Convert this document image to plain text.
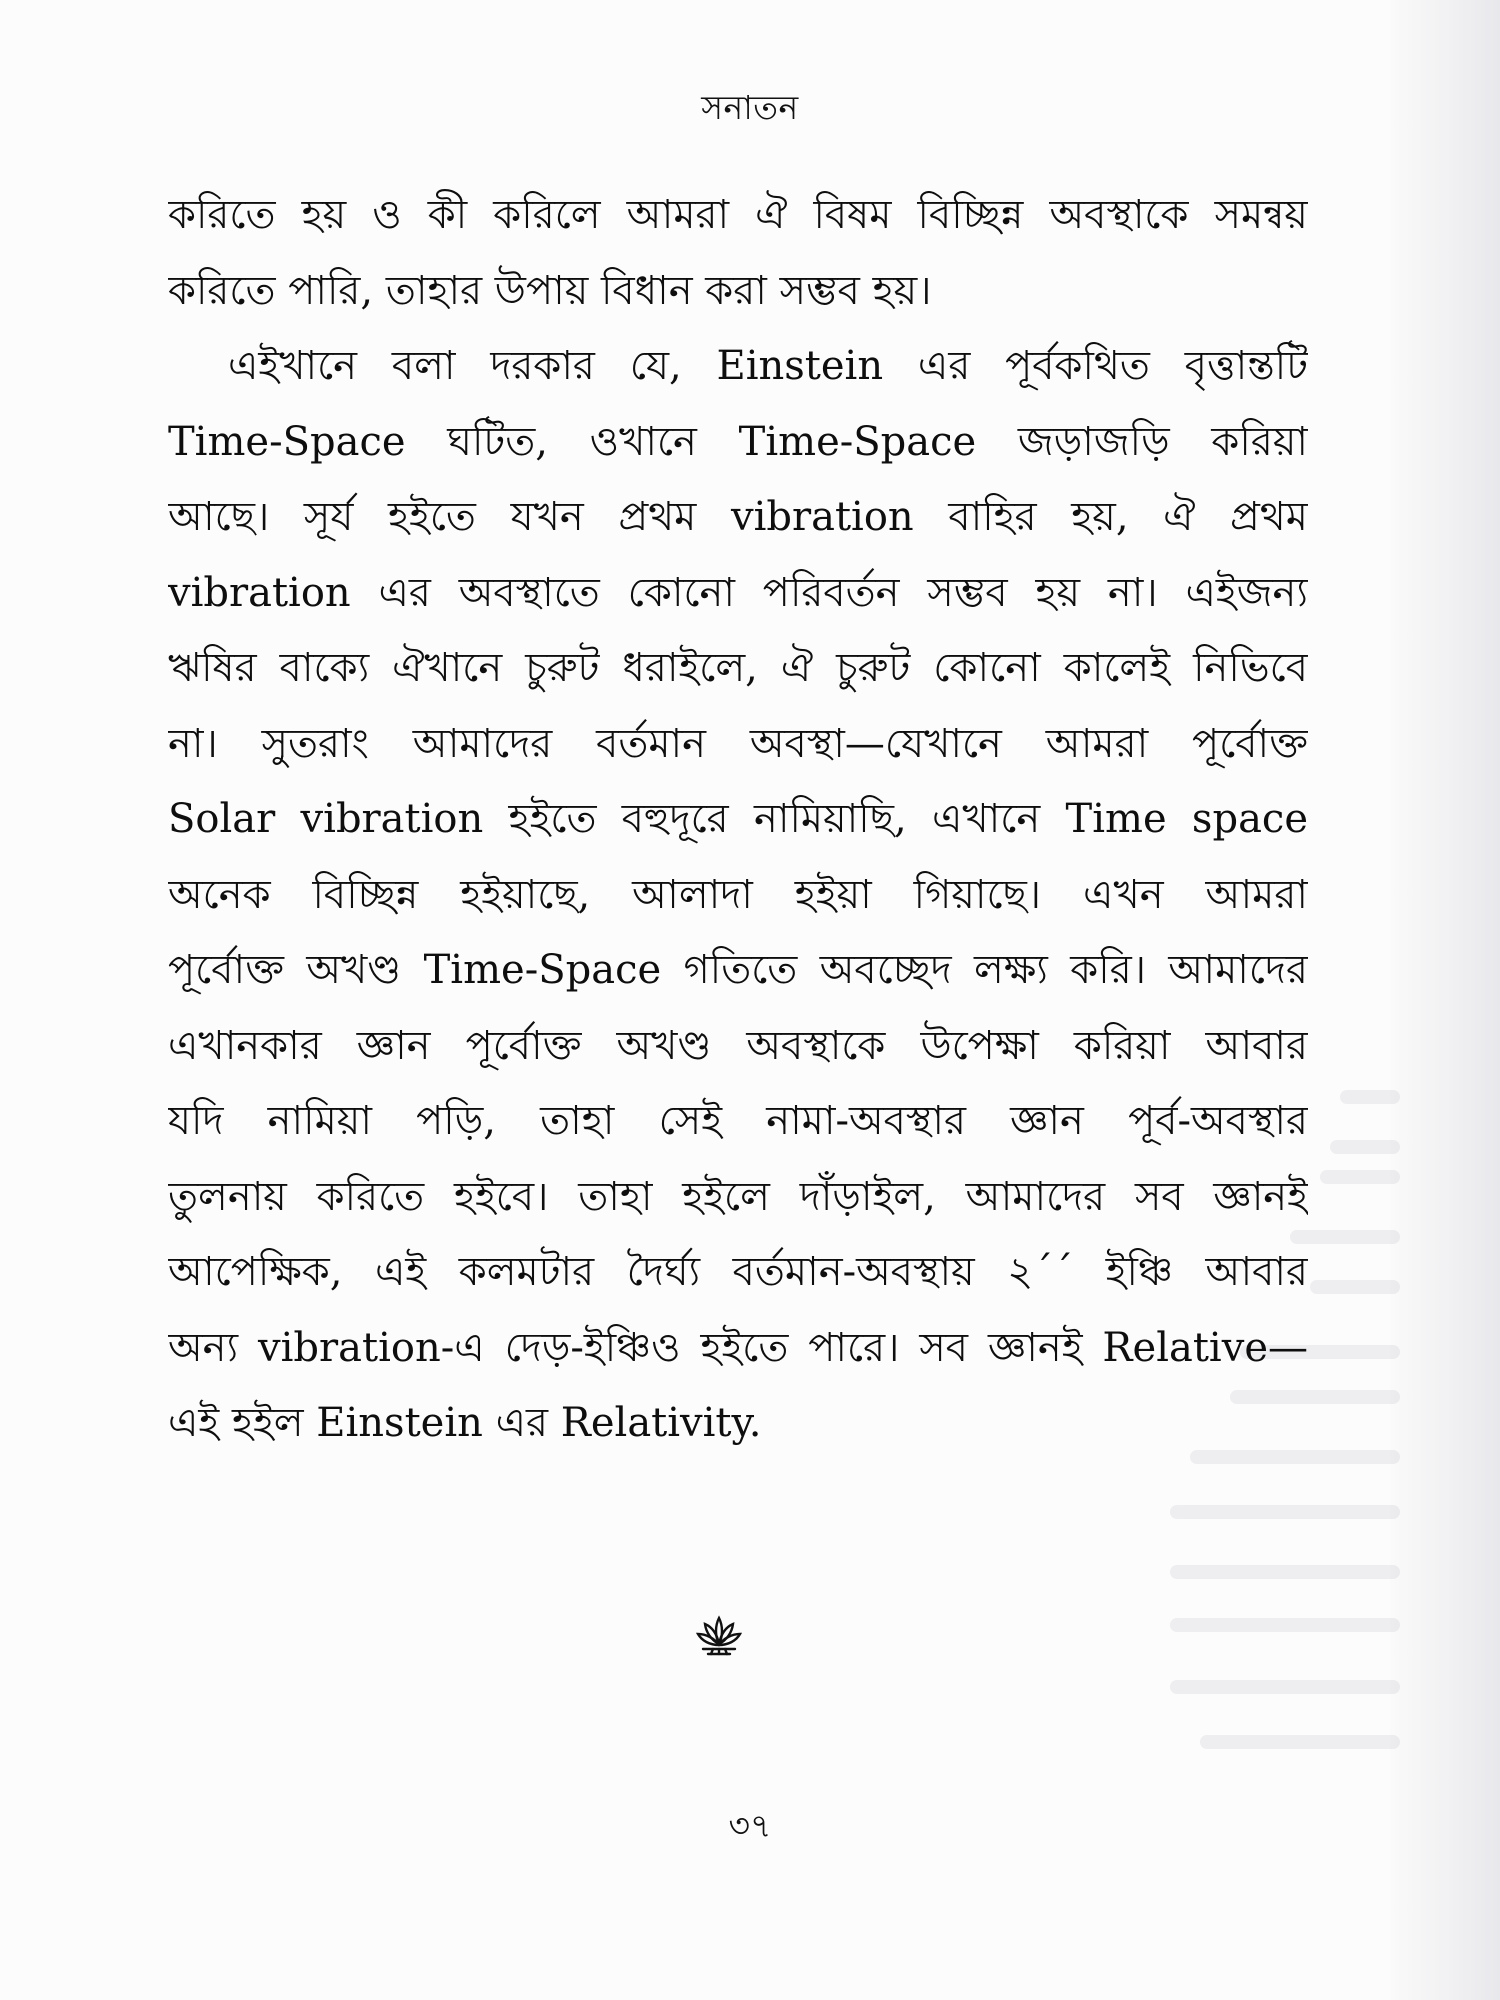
সনাতন
করিতে হয় ও কী করিলে আমরা ঐ বিষম বিচ্ছিন্ন অবস্থাকে সমন্বয়
করিতে পারি, তাহার উপায় বিধান করা সম্ভব হয়।
এইখানে বলা দরকার যে, Einstein এর পূর্বকথিত বৃত্তান্তটি
Time-Space ঘটিত, ওখানে Time-Space জড়াজড়ি করিয়া
আছে। সূর্য হইতে যখন প্রথম vibration বাহির হয়, ঐ প্রথম
vibration এর অবস্থাতে কোনো পরিবর্তন সম্ভব হয় না। এইজন্য
ঋষির বাক্যে ঐখানে চুরুট ধরাইলে, ঐ চুরুট কোনো কালেই নিভিবে
না। সুতরাং আমাদের বর্তমান অবস্থা—যেখানে আমরা পূর্বোক্ত
Solar vibration হইতে বহুদূরে নামিয়াছি, এখানে Time space
অনেক বিচ্ছিন্ন হইয়াছে, আলাদা হইয়া গিয়াছে। এখন আমরা
পূর্বোক্ত অখণ্ড Time-Space গতিতে অবচ্ছেদ লক্ষ্য করি। আমাদের
এখানকার জ্ঞান পূর্বোক্ত অখণ্ড অবস্থাকে উপেক্ষা করিয়া আবার
যদি নামিয়া পড়ি, তাহা সেই নামা-অবস্থার জ্ঞান পূর্ব-অবস্থার
তুলনায় করিতে হইবে। তাহা হইলে দাঁড়াইল, আমাদের সব জ্ঞানই
আপেক্ষিক, এই কলমটার দৈর্ঘ্য বর্তমান-অবস্থায় ২´´ ইঞ্চি আবার
অন্য vibration-এ দেড়-ইঞ্চিও হইতে পারে। সব জ্ঞানই Relative—
এই হইল Einstein এর Relativity.
৩৭
